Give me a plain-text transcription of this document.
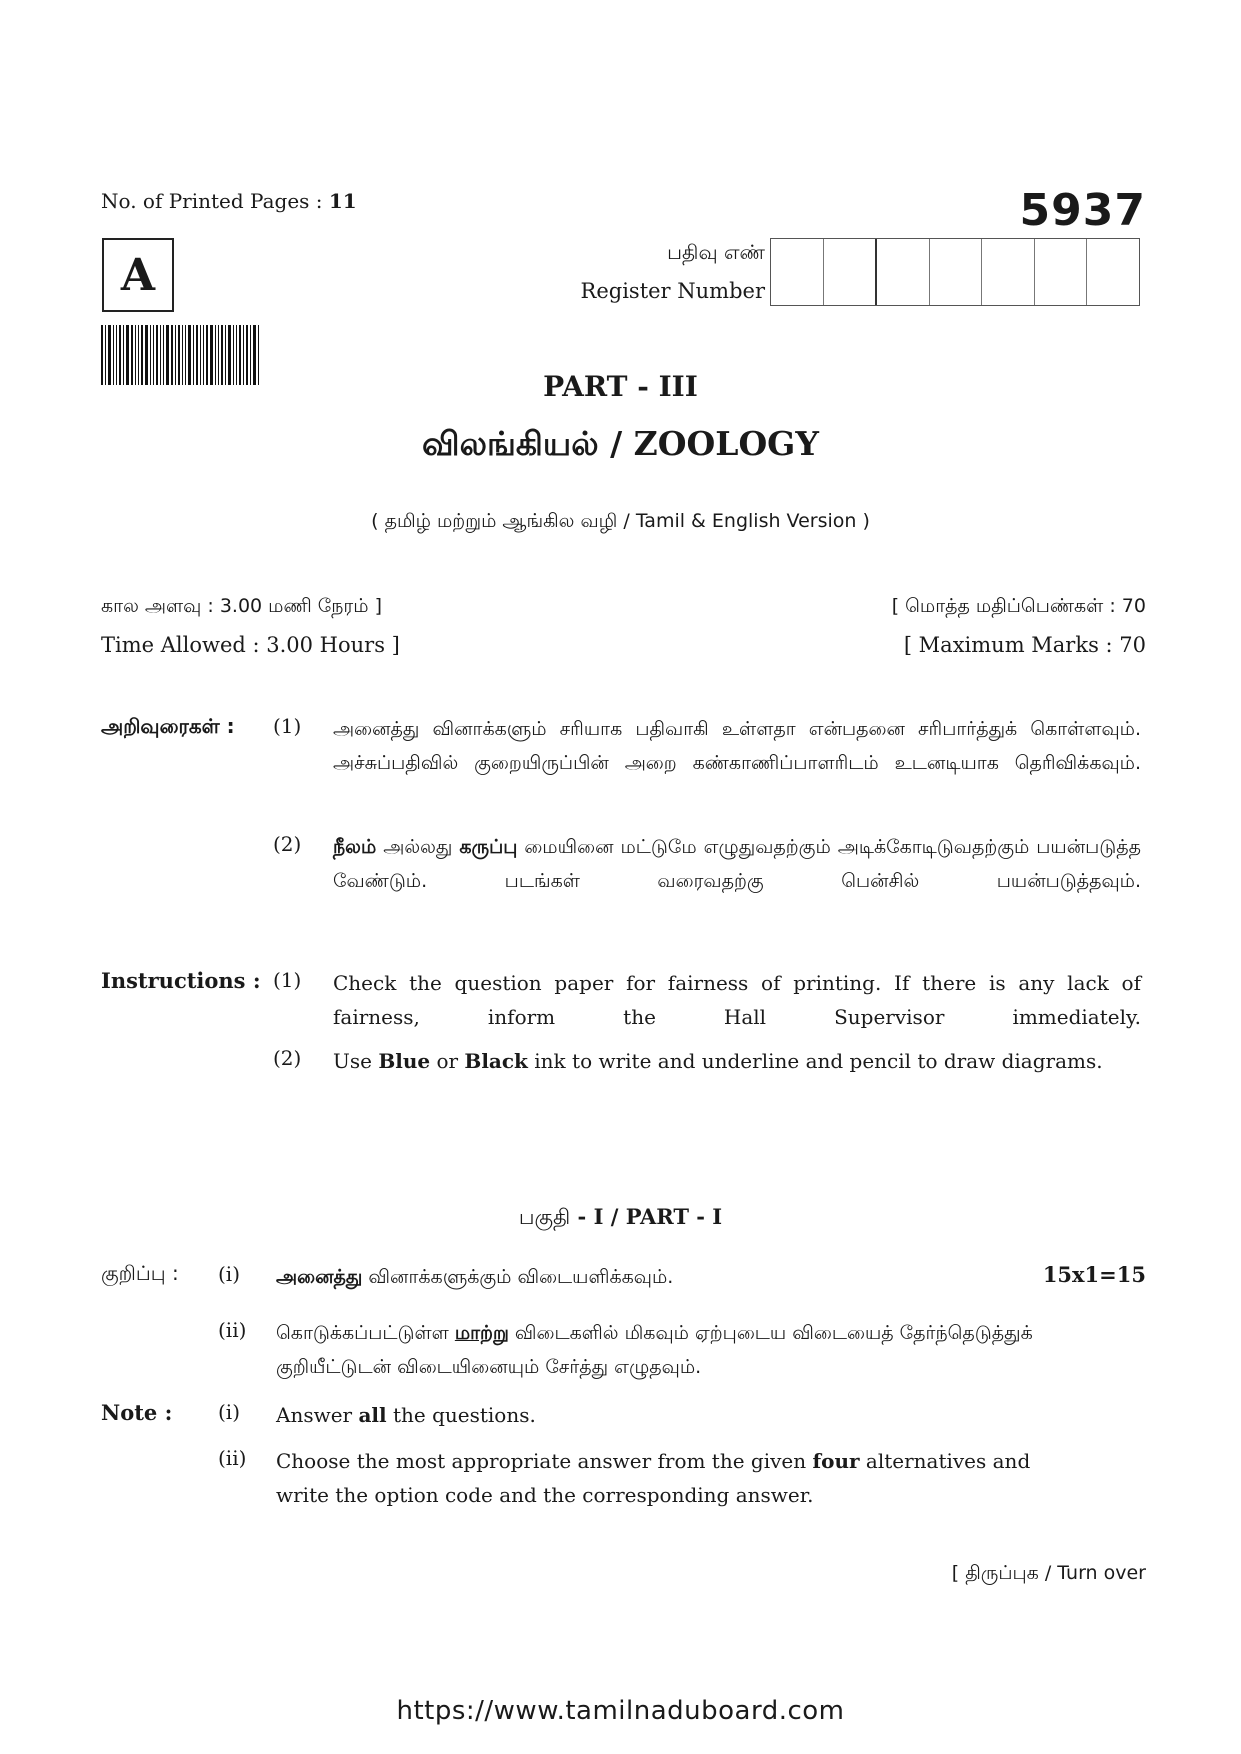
No. of Printed Pages : 11	5937
A	பதிவு எண்
Register Number
PART - III
விலங்கியல் / ZOOLOGY
( தமிழ் மற்றும் ஆங்கில வழி / Tamil & English Version )
கால அளவு : 3.00 மணி நேரம் ]
Time Allowed : 3.00 Hours ]
[ மொத்த மதிப்பெண்கள் : 70
[ Maximum Marks : 70
அறிவுரைகள் : (1) அனைத்து வினாக்களும் சரியாக பதிவாகி உள்ளதா என்பதனை சரிபார்த்துக் கொள்ளவும். அச்சுப்பதிவில் குறையிருப்பின் அறை கண்காணிப்பாளரிடம் உடனடியாக தெரிவிக்கவும்.
(2) நீலம் அல்லது கருப்பு மையினை மட்டுமே எழுதுவதற்கும் அடிக்கோடிடுவதற்கும் பயன்படுத்த வேண்டும். படங்கள் வரைவதற்கு பென்சில் பயன்படுத்தவும்.
Instructions : (1) Check the question paper for fairness of printing. If there is any lack of fairness, inform the Hall Supervisor immediately.
(2) Use Blue or Black ink to write and underline and pencil to draw diagrams.
பகுதி - I / PART - I
குறிப்பு : (i) அனைத்து வினாக்களுக்கும் விடையளிக்கவும்.	15x1=15
(ii) கொடுக்கப்பட்டுள்ள மாற்று விடைகளில் மிகவும் ஏற்புடைய விடையைத் தேர்ந்தெடுத்துக் குறியீட்டுடன் விடையினையும் சேர்த்து எழுதவும்.
Note : (i) Answer all the questions.
(ii) Choose the most appropriate answer from the given four alternatives and write the option code and the corresponding answer.
[ திருப்புக / Turn over
https://www.tamilnaduboard.com
